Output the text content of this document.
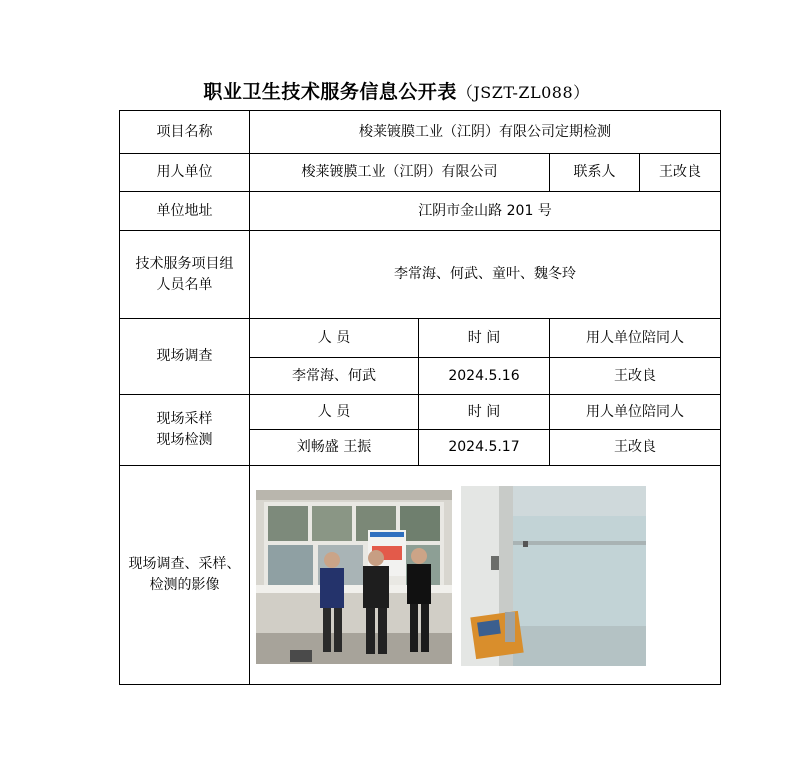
职业卫生技术服务信息公开表（JSZT-ZL088）
项目名称	梭莱镀膜工业（江阴）有限公司定期检测			
用人单位	梭莱镀膜工业（江阴）有限公司		联系人	王改良
单位地址	江阴市金山路 201 号			

技术服务项目组
人员名单	李常海、何武、童叶、魏冬玲			
现场调查	人 员	时 间	用人单位陪同人	
	李常海、何武	2024.5.16	王改良	

现场采样
现场检测	人 员	时 间	用人单位陪同人	
	刘畅盛 王振	2024.5.17	王改良	

现场调查、采样、
检测的影像				
